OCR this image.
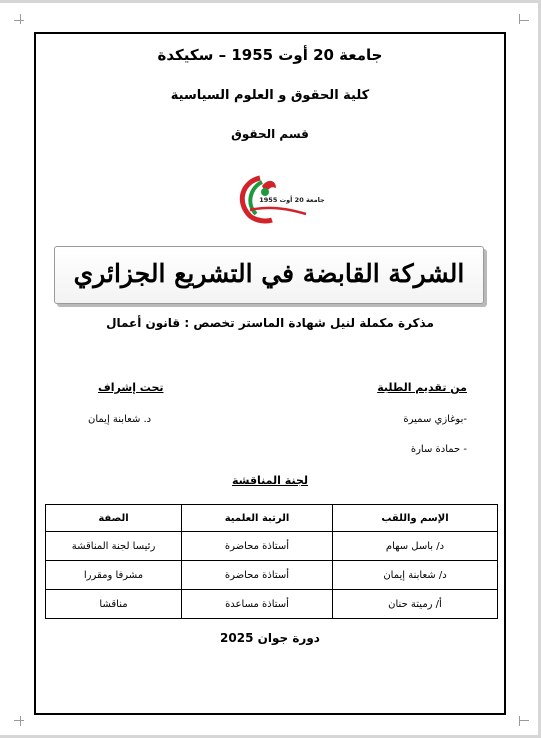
جامعة 20 أوت 1955 – سكيكدة
كلية الحقوق و العلوم السياسية
قسم الحقوق
جامعة 20 أوت 1955
الشركة القابضة في التشريع الجزائري
مذكرة مكملة لنيل شهادة الماستر تخصص : قانون أعمال
من تقديم الطلبة
تحت إشراف
-بوغازي سميرة
- حمادة سارة
د. شعابنة إيمان
لجنة المناقشة
الإسم واللقب	الرتبة العلمية	الصفة
د/ باسل سهام	أستاذة محاضرة	رئيسا لجنة المناقشة
د/ شعابنة إيمان	أستاذة محاضرة	مشرفا ومقررا
أ/ رميتة حنان	أستاذة مساعدة	مناقشا
دورة جوان 2025
